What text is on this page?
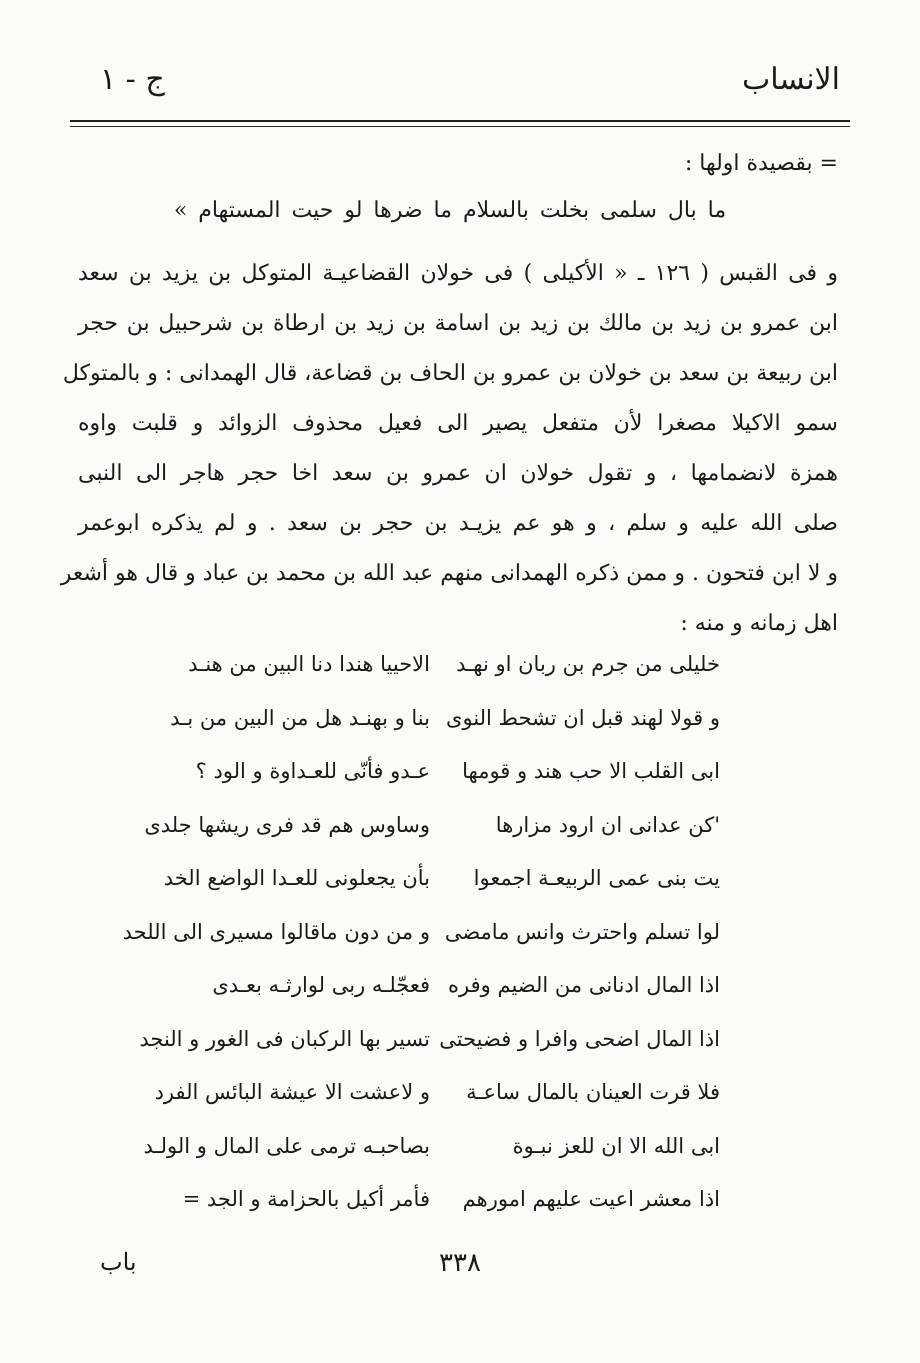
الانساب
ج - ١
= بقصيدة اولها :
ما بال سلمى بخلت بالسلام ما ضرها لو حيت المستهام »
و فى القبس ( ١٢٦ ـ « الأكيلى ) فى خولان القضاعيـة المتوكل بن يزيد بن سعد
ابن عمرو بن زيد بن مالك بن زيد بن اسامة بن زيد بن ارطاة بن شرحبيل بن حجر
ابن ربيعة بن سعد بن خولان بن عمرو بن الحاف بن قضاعة، قال الهمدانى : و بالمتوكل
سمو الاكيلا مصغرا لأن متفعل يصير الى فعيل محذوف الزوائد و قلبت واوه
همزة لانضمامها ، و تقول خولان ان عمرو بن سعد اخا حجر هاجر الى النبى
صلى الله عليه و سلم ، و هو عم يزيـد بن حجر بن سعد . و لم يذكره ابوعمر
و لا ابن فتحون . و ممن ذكره الهمدانى منهم عبد الله بن محمد بن عباد و قال هو أشعر
اهل زمانه و منه :
خليلى من جرم بن ربان او نهـد
الاحييا هندا دنا البين من هنـد
و قولا لهند قبل ان تشحط النوى
بنا و بهنـد هل من البين من بـد
ابى القلب الا حب هند و قومها
عـدو فأنّى للعـداوة و الود ؟
'كن عدانى ان ارود مزارها
وساوس هم قد فرى ريشها جلدى
يت بنى عمى الربيعـة اجمعوا
بأن يجعلونى للعـدا الواضع الخد
لوا تسلم واحترث وانس مامضى
و من دون ماقالوا مسيرى الى اللحد
اذا المال ادنانى من الضيم وفره
فعجّلـه ربى لوارثـه بعـدى
اذا المال اضحى وافرا و فضيحتى
تسير بها الركبان فى الغور و النجد
فلا قرت العينان بالمال ساعـة
و لاعشت الا عيشة البائس الفرد
ابى الله الا ان للعز نبـوة
بصاحبـه ترمى على المال و الولـد
اذا معشر اعيت عليهم امورهم
فأمر أكيل بالحزامة و الجد =
٣٣٨
باب
